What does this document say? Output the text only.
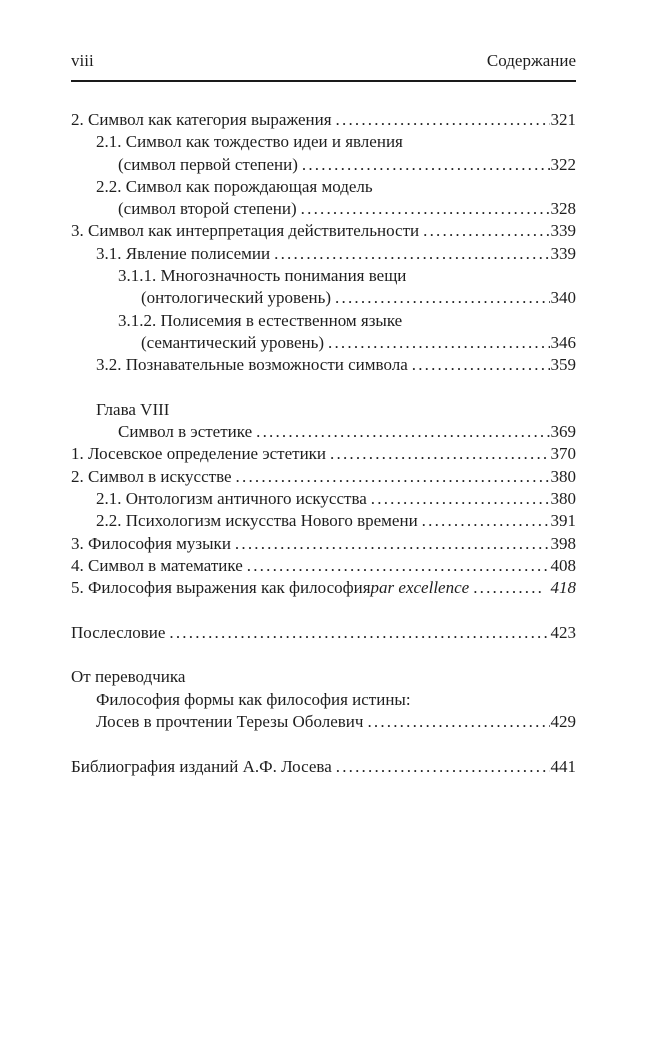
viii	Содержание
2. Символ как категория выражения .....	321
2.1. Символ как тождество идеи и явления
(символ первой степени) .....	322
2.2. Символ как порождающая модель
(символ второй степени) .....	328
3. Символ как интерпретация действительности .....	339
3.1. Явление полисемии .....	339
3.1.1. Многозначность понимания вещи
(онтологический уровень) .....	340
3.1.2. Полисемия в естественном языке
(семантический уровень) .....	346
3.2. Познавательные возможности символа .....	359
Глава VIII
Символ в эстетике .....	369
1. Лосевское определение эстетики .....	370
2. Символ в искусстве .....	380
2.1. Онтологизм античного искусства .....	380
2.2. Психологизм искусства Нового времени .....	391
3. Философия музыки .....	398
4. Символ в математике .....	408
5. Философия выражения как философия par excellence .....	418
Послесловие .....	423
От переводчика
Философия формы как философия истины:
Лосев в прочтении Терезы Оболевич .....	429
Библиография изданий А.Ф. Лосева .....	441
